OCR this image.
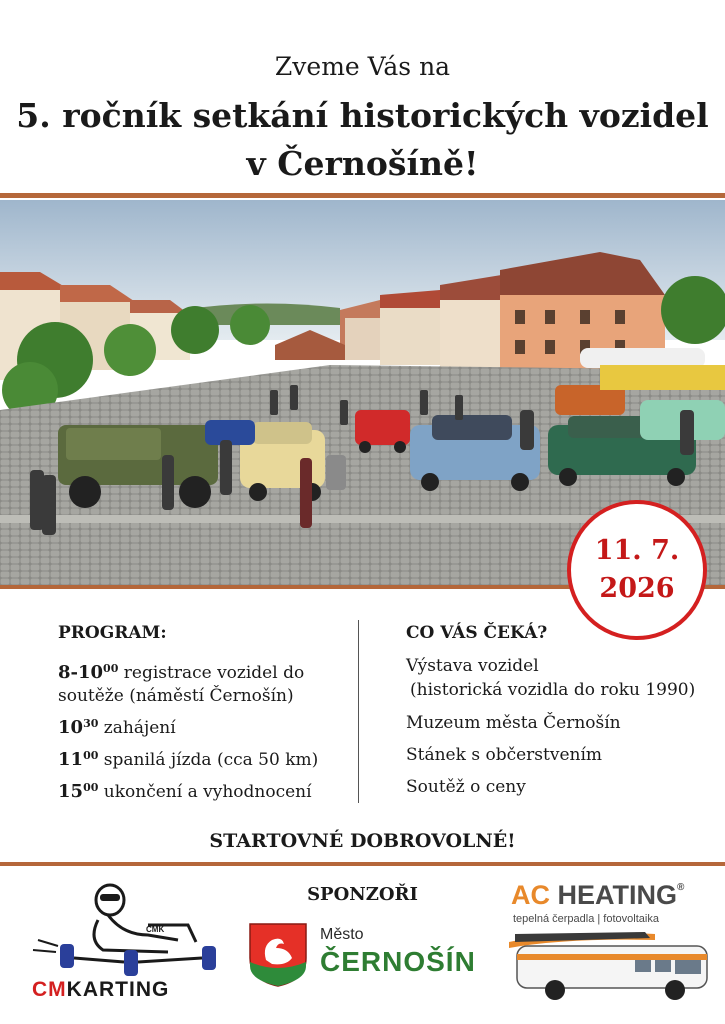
Zveme Vás na
5. ročník setkání historických vozidel
v Černošíně!
11. 7.
2026
PROGRAM:
$8-10^{00}$ registrace vozidel do
soutěže (náměstí Černošín)
$10^{30}$ zahájení
$11^{00}$ spanilá jízda (cca 50 km)
$15^{00}$ ukončení a vyhodnocení
CO VÁS ČEKÁ?
Výstava vozidel
(historická vozidla do roku 1990)
Muzeum města Černošín
Stánek s občerstvením
Soutěž o ceny
STARTOVNÉ DOBROVOLNÉ!
SPONZOŘI
CMK
CMKARTING
Město
ČERNOŠÍN
AC HEATING®
tepelná čerpadla | fotovoltaika
